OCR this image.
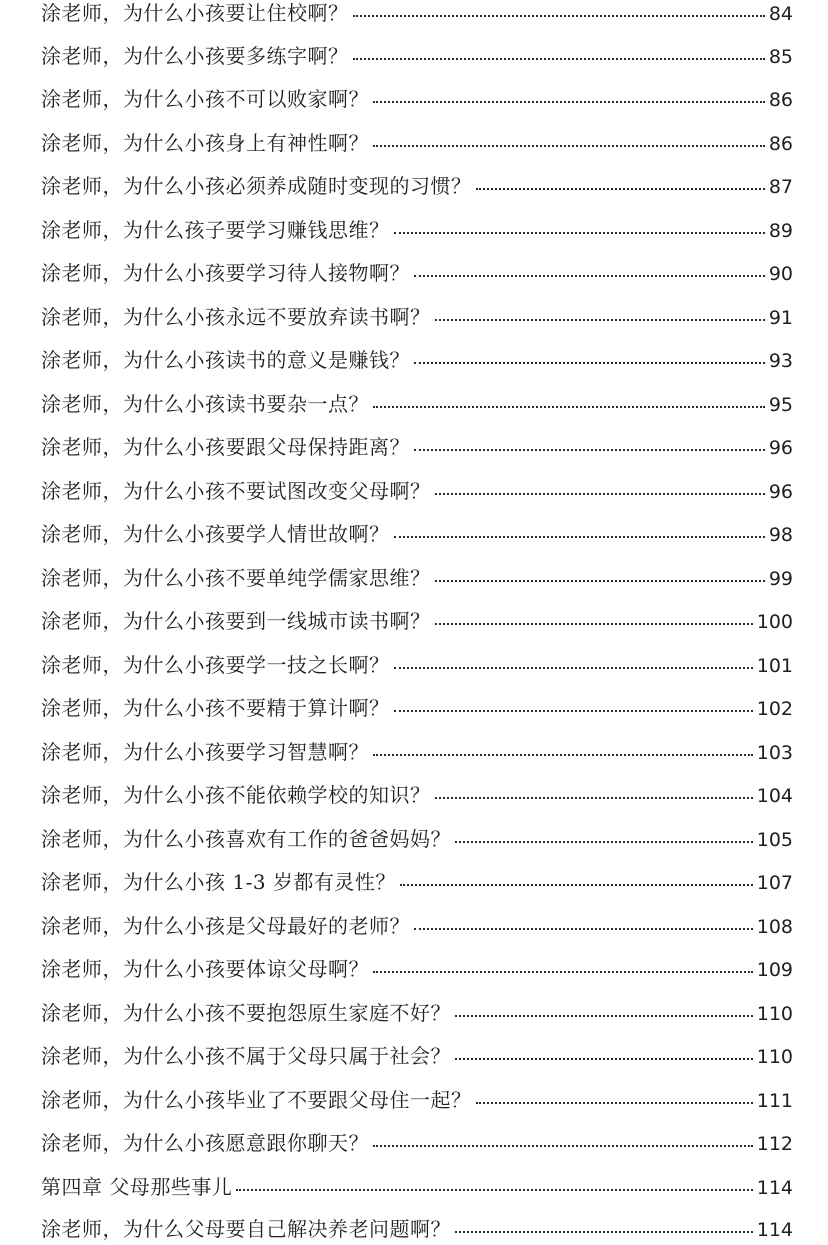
涂老师，为什么小孩要让住校啊？	84
涂老师，为什么小孩要多练字啊？	85
涂老师，为什么小孩不可以败家啊？	86
涂老师，为什么小孩身上有神性啊？	86
涂老师，为什么小孩必须养成随时变现的习惯？	87
涂老师，为什么孩子要学习赚钱思维？	89
涂老师，为什么小孩要学习待人接物啊？	90
涂老师，为什么小孩永远不要放弃读书啊？	91
涂老师，为什么小孩读书的意义是赚钱？	93
涂老师，为什么小孩读书要杂一点？	95
涂老师，为什么小孩要跟父母保持距离？	96
涂老师，为什么小孩不要试图改变父母啊？	96
涂老师，为什么小孩要学人情世故啊？	98
涂老师，为什么小孩不要单纯学儒家思维？	99
涂老师，为什么小孩要到一线城市读书啊？	100
涂老师，为什么小孩要学一技之长啊？	101
涂老师，为什么小孩不要精于算计啊？	102
涂老师，为什么小孩要学习智慧啊？	103
涂老师，为什么小孩不能依赖学校的知识？	104
涂老师，为什么小孩喜欢有工作的爸爸妈妈？	105
涂老师，为什么小孩 1-3 岁都有灵性？	107
涂老师，为什么小孩是父母最好的老师？	108
涂老师，为什么小孩要体谅父母啊？	109
涂老师，为什么小孩不要抱怨原生家庭不好？	110
涂老师，为什么小孩不属于父母只属于社会？	110
涂老师，为什么小孩毕业了不要跟父母住一起？	111
涂老师，为什么小孩愿意跟你聊天？	112
第四章 父母那些事儿	114
涂老师，为什么父母要自己解决养老问题啊？	114
